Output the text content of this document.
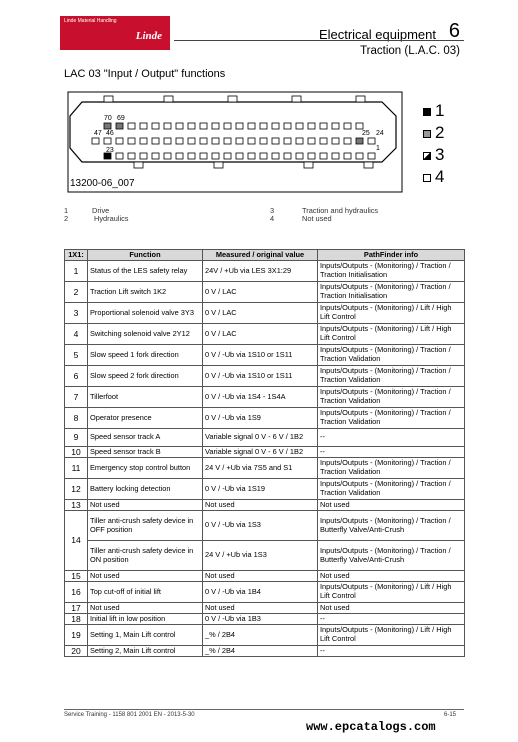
Linde Material Handling
Linde	Electrical equipment 6
Traction (L.A.C. 03)
LAC 03 "Input / Output" functions
70 69
47 46	25 24
23	1
13200-06_007
1
2
3
4
1	Drive
2	Hydraulics
3	Traction and hydraulics
4	Not used
1X1:	Function	Measured / original value	PathFinder info
1	Status of the LES safety relay	24V / +Ub via LES 3X1:29	Inputs/Outputs - (Monitoring) / Traction / Traction Initialisation
2	Traction Lift switch 1K2	0 V / LAC	Inputs/Outputs - (Monitoring) / Traction / Traction Initialisation
3	Proportional solenoid valve 3Y3	0 V / LAC	Inputs/Outputs - (Monitoring) / Lift / High Lift Control
4	Switching solenoid valve 2Y12	0 V / LAC	Inputs/Outputs - (Monitoring) / Lift / High Lift Control
5	Slow speed 1 fork direction	0 V / -Ub via 1S10 or 1S11	Inputs/Outputs - (Monitoring) / Traction / Traction Validation
6	Slow speed 2 fork direction	0 V / -Ub via 1S10 or 1S11	Inputs/Outputs - (Monitoring) / Traction / Traction Validation
7	Tillerfoot	0 V / -Ub via 1S4 - 1S4A	Inputs/Outputs - (Monitoring) / Traction / Traction Validation
8	Operator presence	0 V / -Ub via 1S9	Inputs/Outputs - (Monitoring) / Traction / Traction Validation
9	Speed sensor track A	Variable signal 0 V - 6 V / 1B2	--
10	Speed sensor track B	Variable signal 0 V - 6 V / 1B2	--
11	Emergency stop control button	24 V / +Ub via 7S5 and S1	Inputs/Outputs - (Monitoring) / Traction / Traction Validation
12	Battery locking detection	0 V / -Ub via 1S19	Inputs/Outputs - (Monitoring) / Traction / Traction Validation
13	Not used	Not used	Not used
14	Tiller anti-crush safety device in OFF position	0 V / -Ub via 1S3	Inputs/Outputs - (Monitoring) / Traction / Butterfly Valve/Anti-Crush
	Tiller anti-crush safety device in ON position	24 V / +Ub via 1S3	Inputs/Outputs - (Monitoring) / Traction / Butterfly Valve/Anti-Crush
15	Not used	Not used	Not used
16	Top cut-off of initial lift	0 V / -Ub via 1B4	Inputs/Outputs - (Monitoring) / Lift / High Lift Control
17	Not used	Not used	Not used
18	Initial lift in low position	0 V / -Ub via 1B3	--
19	Setting 1, Main Lift control	_% / 2B4	Inputs/Outputs - (Monitoring) / Lift / High Lift Control
20	Setting 2, Main Lift control	_% / 2B4	--
Service Training - 1158 801 2001 EN - 2013-5-30	6-15
www.epcatalogs.com
